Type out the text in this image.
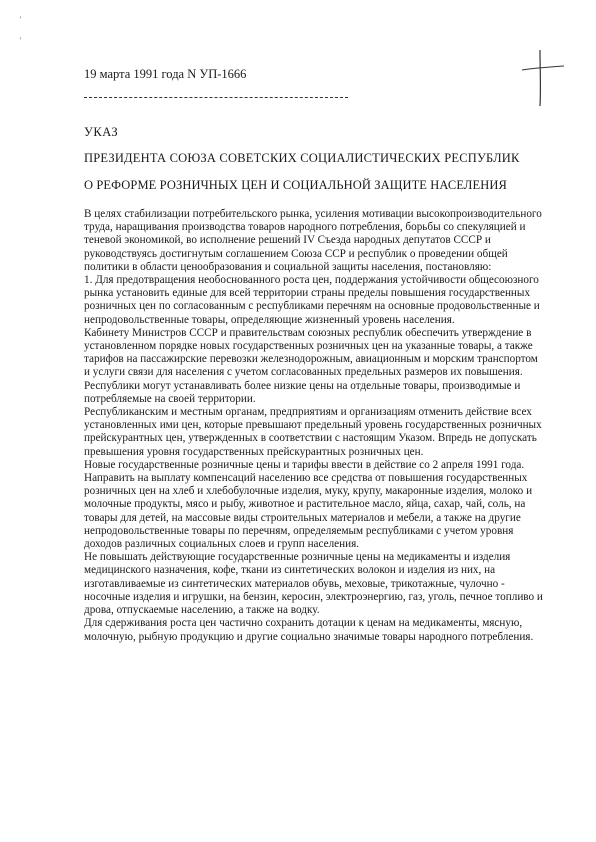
'
'
19 марта 1991 года N УП-1666
УКАЗ
ПРЕЗИДЕНТА СОЮЗА СОВЕТСКИХ СОЦИАЛИСТИЧЕСКИХ РЕСПУБЛИК
О РЕФОРМЕ РОЗНИЧНЫХ ЦЕН И СОЦИАЛЬНОЙ ЗАЩИТЕ НАСЕЛЕНИЯ

В целях стабилизации потребительского рынка, усиления мотивации высокопроизводительного труда, наращивания производства товаров народного потребления, борьбы со спекуляцией и теневой экономикой, во исполнение решений IV Съезда народных депутатов СССР и руководствуясь достигнутым соглашением Союза ССР и республик о проведении общей политики в области ценообразования и социальной защиты населения, постановляю:

1. Для предотвращения необоснованного роста цен, поддержания устойчивости общесоюзного рынка установить единые для всей территории страны пределы повышения государственных розничных цен по согласованным с республиками перечням на основные продовольственные и непродовольственные товары, определяющие жизненный уровень населения.

Кабинету Министров СССР и правительствам союзных республик обеспечить утверждение в установленном порядке новых государственных розничных цен на указанные товары, а также тарифов на пассажирские перевозки железнодорожным, авиационным и морским транспортом и услуги связи для населения с учетом согласованных предельных размеров их повышения. Республики могут устанавливать более низкие цены на отдельные товары, производимые и потребляемые на своей территории.

Республиканским и местным органам, предприятиям и организациям отменить действие всех установленных ими цен, которые превышают предельный уровень государственных розничных прейскурантных цен, утвержденных в соответствии с настоящим Указом. Впредь не допускать превышения уровня государственных прейскурантных розничных цен.

Новые государственные розничные цены и тарифы ввести в действие со 2 апреля 1991 года.

Направить на выплату компенсаций населению все средства от повышения государственных розничных цен на хлеб и хлебобулочные изделия, муку, крупу, макаронные изделия, молоко и молочные продукты, мясо и рыбу, животное и растительное масло, яйца, сахар, чай, соль, на товары для детей, на массовые виды строительных материалов и мебели, а также на другие непродовольственные товары по перечням, определяемым республиками с учетом уровня доходов различных социальных слоев и групп населения.

Не повышать действующие государственные розничные цены на медикаменты и изделия медицинского назначения, кофе, ткани из синтетических волокон и изделия из них, на изготавливаемые из синтетических материалов обувь, меховые, трикотажные, чулочно - носочные изделия и игрушки, на бензин, керосин, электроэнергию, газ, уголь, печное топливо и дрова, отпускаемые населению, а также на водку.

Для сдерживания роста цен частично сохранить дотации к ценам на медикаменты, мясную, молочную, рыбную продукцию и другие социально значимые товары народного потребления.
